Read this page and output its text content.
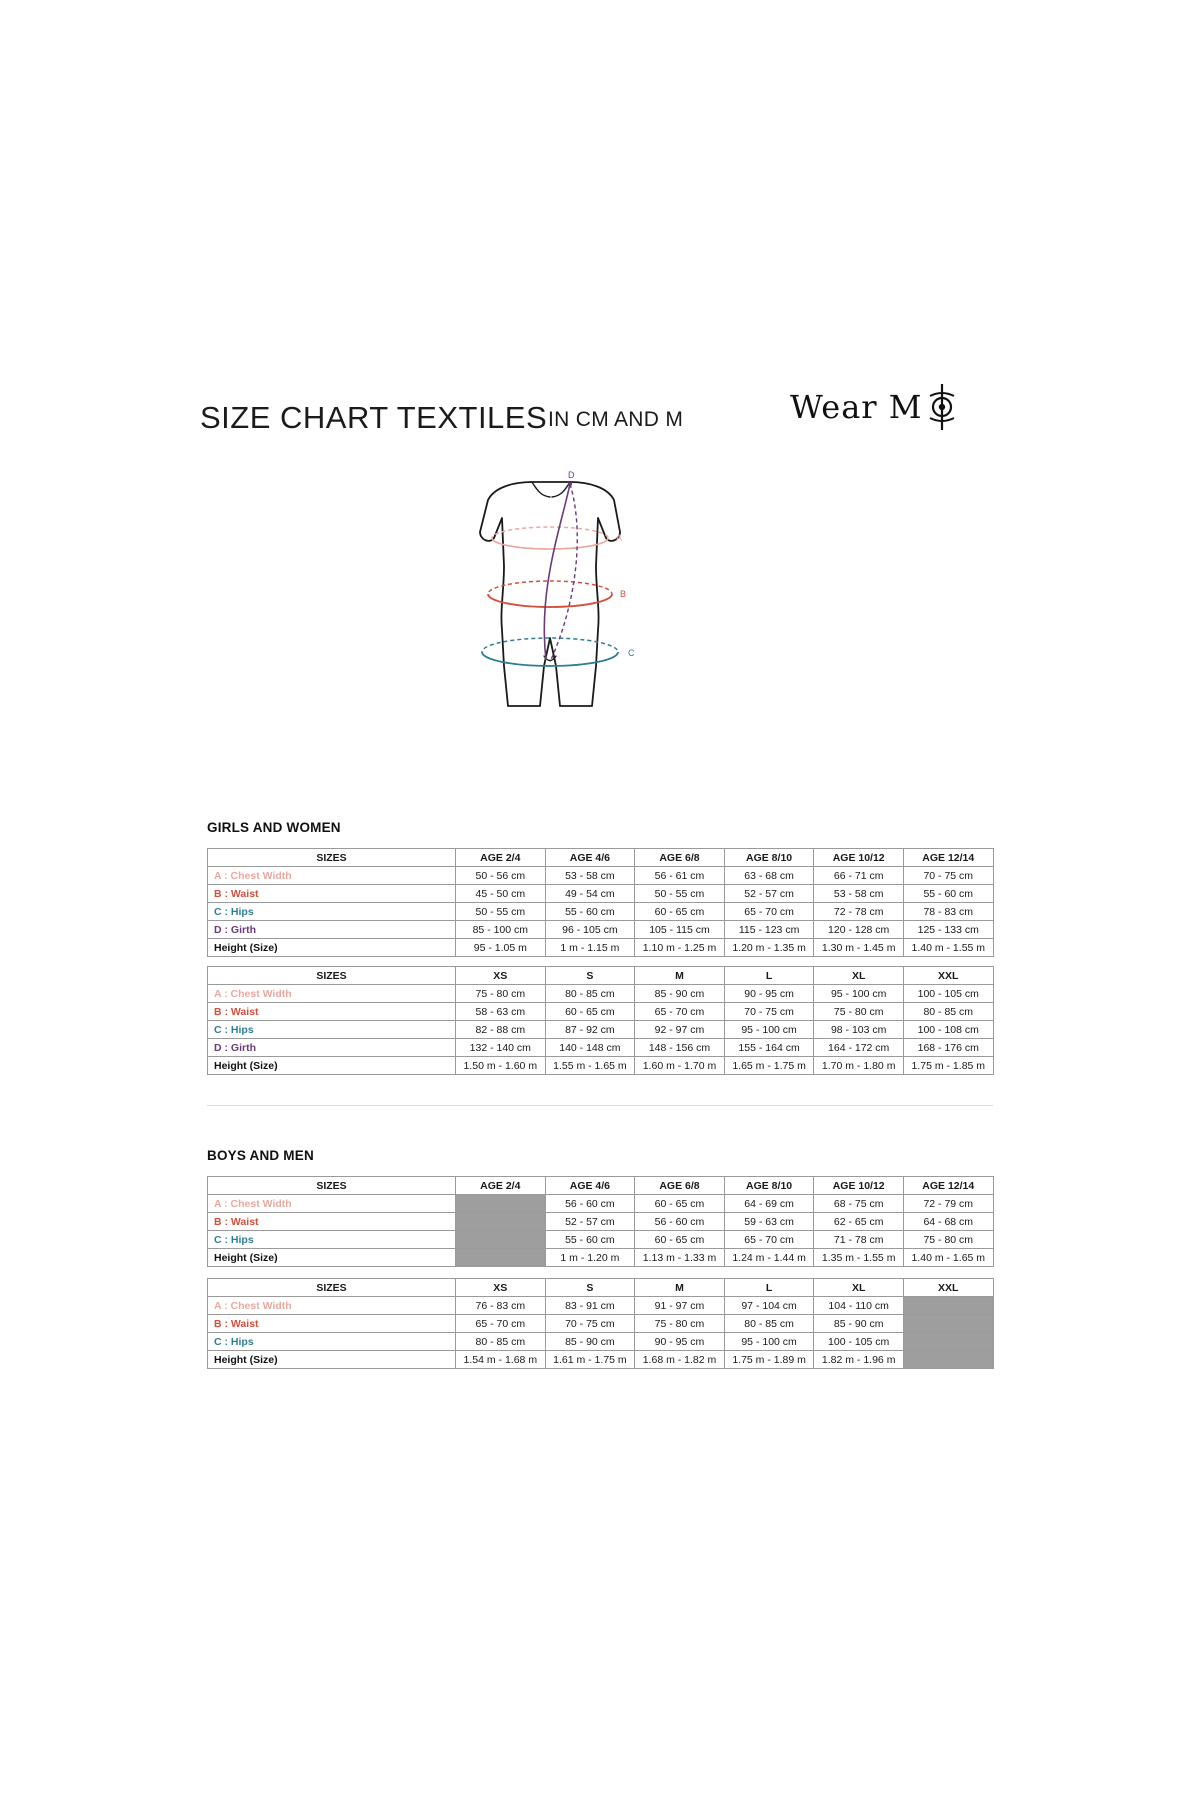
SIZE CHART TEXTILES IN CM AND M	Wear M
A
B
C
D
GIRLS AND WOMEN
SIZES	AGE 2/4	AGE 4/6	AGE 6/8	AGE 8/10	AGE 10/12	AGE 12/14
A : Chest Width	50 - 56 cm	53 - 58 cm	56 - 61 cm	63 - 68 cm	66 - 71 cm	70 - 75 cm
B : Waist	45 - 50 cm	49 - 54 cm	50 - 55 cm	52 - 57 cm	53 - 58 cm	55 - 60 cm
C : Hips	50 - 55 cm	55 - 60 cm	60 - 65 cm	65 - 70 cm	72 - 78 cm	78 - 83 cm
D : Girth	85 - 100 cm	96 - 105 cm	105 - 115 cm	115 - 123 cm	120 - 128 cm	125 - 133 cm
Height (Size)	95 - 1.05 m	1 m - 1.15 m	1.10 m - 1.25 m	1.20 m - 1.35 m	1.30 m - 1.45 m	1.40 m - 1.55 m
SIZES	XS	S	M	L	XL	XXL
A : Chest Width	75 - 80 cm	80 - 85 cm	85 - 90 cm	90 - 95 cm	95 - 100 cm	100 - 105 cm
B : Waist	58 - 63 cm	60 - 65 cm	65 - 70 cm	70 - 75 cm	75 - 80 cm	80 - 85 cm
C : Hips	82 - 88 cm	87 - 92 cm	92 - 97 cm	95 - 100 cm	98 - 103 cm	100 - 108 cm
D : Girth	132 - 140 cm	140 - 148 cm	148 - 156 cm	155 - 164 cm	164 - 172 cm	168 - 176 cm
Height (Size)	1.50 m - 1.60 m	1.55 m - 1.65 m	1.60 m - 1.70 m	1.65 m - 1.75 m	1.70 m - 1.80 m	1.75 m - 1.85 m
BOYS AND MEN
SIZES	AGE 2/4	AGE 4/6	AGE 6/8	AGE 8/10	AGE 10/12	AGE 12/14
A : Chest Width		56 - 60 cm	60 - 65 cm	64 - 69 cm	68 - 75 cm	72 - 79 cm
B : Waist		52 - 57 cm	56 - 60 cm	59 - 63 cm	62 - 65 cm	64 - 68 cm
C : Hips		55 - 60 cm	60 - 65 cm	65 - 70 cm	71 - 78 cm	75 - 80 cm
Height (Size)		1 m - 1.20 m	1.13 m - 1.33 m	1.24 m - 1.44 m	1.35 m - 1.55 m	1.40 m - 1.65 m
SIZES	XS	S	M	L	XL	XXL
A : Chest Width	76 - 83 cm	83 - 91 cm	91 - 97 cm	97 - 104 cm	104 - 110 cm	
B : Waist	65 - 70 cm	70 - 75 cm	75 - 80 cm	80 - 85 cm	85 - 90 cm	
C : Hips	80 - 85 cm	85 - 90 cm	90 - 95 cm	95 - 100 cm	100 - 105 cm	
Height (Size)	1.54 m - 1.68 m	1.61 m - 1.75 m	1.68 m - 1.82 m	1.75 m - 1.89 m	1.82 m - 1.96 m	
